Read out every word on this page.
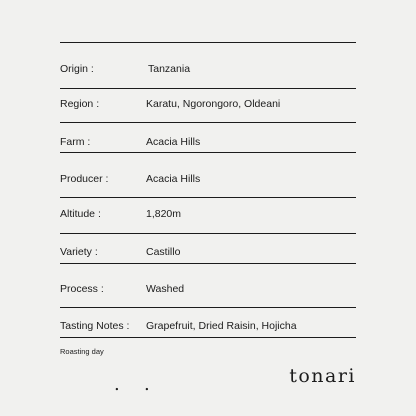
Origin :	Tanzania
Region :	Karatu, Ngorongoro, Oldeani
Farm :	Acacia Hills
Producer :	Acacia Hills
Altitude :	1,820m
Variety :	Castillo
Process :	Washed
Tasting Notes : Grapefruit, Dried Raisin, Hojicha
Roasting day
. .	tonari
